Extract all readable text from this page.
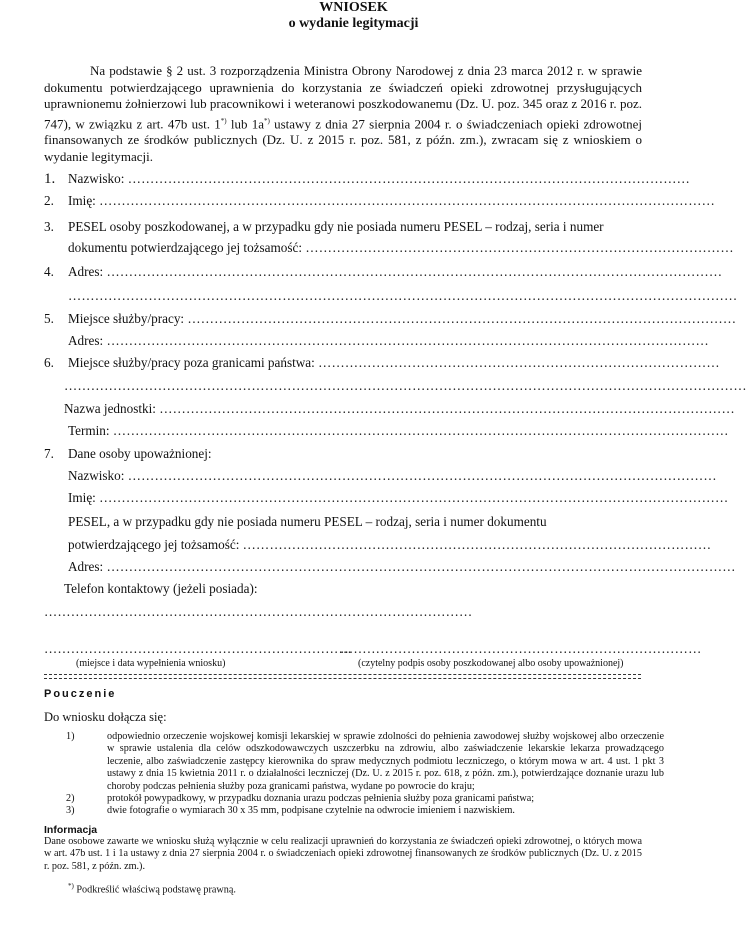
WNIOSEK
o wydanie legitymacji
Na podstawie § 2 ust. 3 rozporządzenia Ministra Obrony Narodowej z dnia 23 marca 2012 r. w sprawie dokumentu potwierdzającego uprawnienia do korzystania ze świadczeń opieki zdrowotnej przysługujących uprawnionemu żołnierzowi lub pracownikowi i weteranowi poszkodowanemu (Dz. U. poz. 345 oraz z 2016 r. poz. 747), w związku z art. 47b ust. 1*) lub 1a*) ustawy z dnia 27 sierpnia 2004 r. o świadczeniach opieki zdrowotnej finansowanych ze środków publicznych (Dz. U. z 2015 r. poz. 581, z późn. zm.), zwracam się z wnioskiem o wydanie legitymacji.
1. Nazwisko: ………………………………………………………………………………………………………………
2. Imię: …………………………………………………………………………………………………………………………
3. PESEL osoby poszkodowanej, a w przypadku gdy nie posiada numeru PESEL – rodzaj, seria i numer
dokumentu potwierdzającego jej tożsamość: ……………………………………………………………………………………
4. Adres: …………………………………………………………………………………………………………………………
……………………………………………………………………………………………………………………………………
5. Miejsce służby/pracy: ……………………………………………………………………………………………………………
Adres: ………………………………………………………………………………………………………………………
6. Miejsce służby/pracy poza granicami państwa: ………………………………………………………………………………
………………………………………………………………………………………………………………………………………
Nazwa jednostki: …………………………………………………………………………………………………………………
Termin: …………………………………………………………………………………………………………………………
7. Dane osoby upoważnionej:
Nazwisko: ……………………………………………………………………………………………………………………
Imię: ……………………………………………………………………………………………………………………………
PESEL, a w przypadku gdy nie posiada numeru PESEL – rodzaj, seria i numer dokumentu
potwierdzającego jej tożsamość: ……………………………………………………………………………………………
Adres: ……………………………………………………………………………………………………………………………
Telefon kontaktowy (jeżeli posiada):
……………………………………………………………………………………
……………………………………………………………
………………………………………………………………………
(miejsce i data wypełnienia wniosku)	(czytelny podpis osoby poszkodowanej albo osoby upoważnionej)
Pouczenie
Do wniosku dołącza się:
1)	odpowiednio orzeczenie wojskowej komisji lekarskiej w sprawie zdolności do pełnienia zawodowej służby wojskowej albo orzeczenie w sprawie ustalenia dla celów odszkodowawczych uszczerbku na zdrowiu, albo zaświadczenie lekarskie lekarza prowadzącego leczenie, albo zaświadczenie zastępcy kierownika do spraw medycznych podmiotu leczniczego, o którym mowa w art. 4 ust. 1 pkt 3 ustawy z dnia 15 kwietnia 2011 r. o działalności leczniczej (Dz. U. z 2015 r. poz. 618, z późn. zm.), potwierdzające doznanie urazu lub choroby podczas pełnienia służby poza granicami państwa, wydane po powrocie do kraju;
2)	protokół powypadkowy, w przypadku doznania urazu podczas pełnienia służby poza granicami państwa;
3)	dwie fotografie o wymiarach 30 x 35 mm, podpisane czytelnie na odwrocie imieniem i nazwiskiem.
Informacja
Dane osobowe zawarte we wniosku służą wyłącznie w celu realizacji uprawnień do korzystania ze świadczeń opieki zdrowotnej, o których mowa w art. 47b ust. 1 i 1a ustawy z dnia 27 sierpnia 2004 r. o świadczeniach opieki zdrowotnej finansowanych ze środków publicznych (Dz. U. z 2015 r. poz. 581, z późn. zm.).
*) Podkreślić właściwą podstawę prawną.
